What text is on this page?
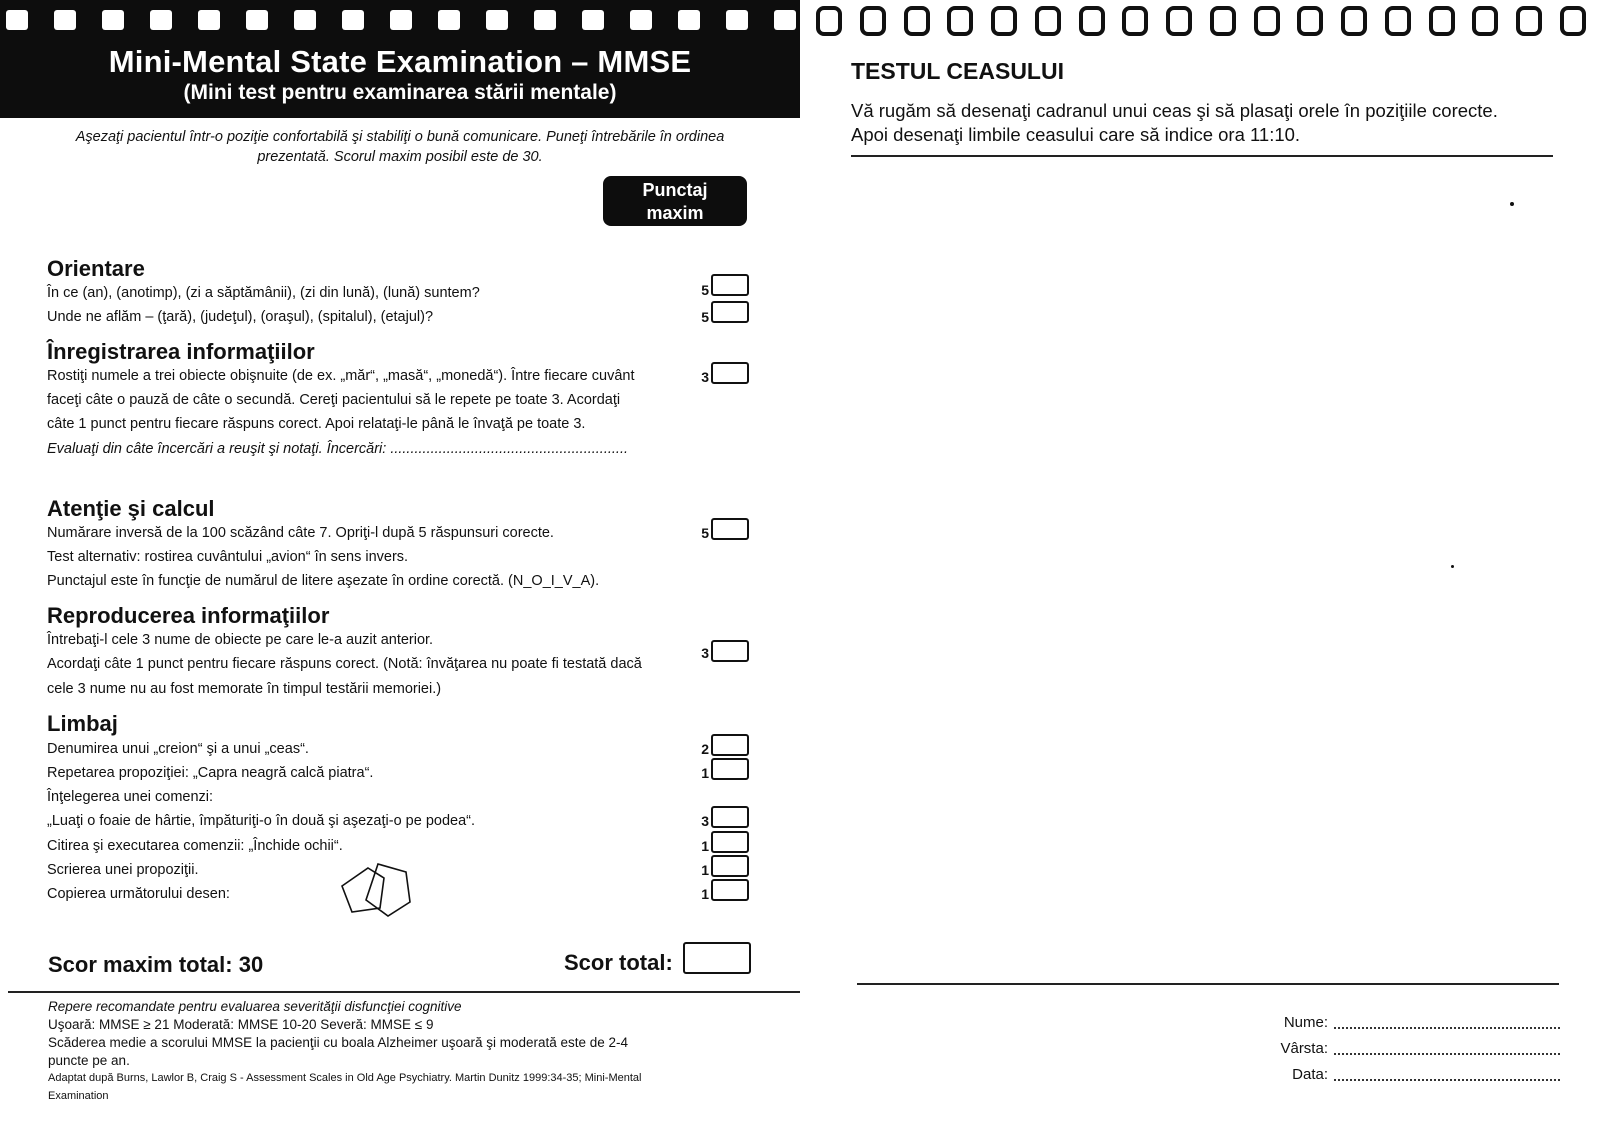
Mini-Mental State Examination – MMSE
(Mini test pentru examinarea stării mentale)
Aşezaţi pacientul într-o poziţie confortabilă şi stabiliţi o bună comunicare. Puneţi întrebările în ordinea
prezentată. Scorul maxim posibil este de 30.
Punctaj
maxim
Orientare
În ce (an), (anotimp), (zi a săptămânii), (zi din lună), (lună) suntem?
Unde ne aflăm – (ţară), (judeţul), (oraşul), (spitalul), (etajul)?
5
5
Înregistrarea informaţiilor
Rostiţi numele a trei obiecte obişnuite (de ex. „măr“, „masă“, „monedă“). Între fiecare cuvânt
faceţi câte o pauză de câte o secundă. Cereţi pacientului să le repete pe toate 3. Acordaţi
câte 1 punct pentru fiecare răspuns corect. Apoi relataţi-le până le învaţă pe toate 3.
Evaluaţi din câte încercări a reuşit şi notaţi. Încercări: ...........................................................
3
Atenţie şi calcul
Numărare inversă de la 100 scăzând câte 7. Opriţi-l după 5 răspunsuri corecte.
Test alternativ: rostirea cuvântului „avion“ în sens invers.
Punctajul este în funcţie de numărul de litere aşezate în ordine corectă. (N_O_I_V_A).
5
Reproducerea informaţiilor
Întrebaţi-l cele 3 nume de obiecte pe care le-a auzit anterior.
Acordaţi câte 1 punct pentru fiecare răspuns corect. (Notă: învăţarea nu poate fi testată dacă
cele 3 nume nu au fost memorate în timpul testării memoriei.)
3
Limbaj
Denumirea unui „creion“ şi a unui „ceas“.
Repetarea propoziţiei: „Capra neagră calcă piatra“.
Înţelegerea unei comenzi:
„Luaţi o foaie de hârtie, împăturiţi-o în două şi aşezaţi-o pe podea“.
Citirea şi executarea comenzii: „Închide ochii“.
Scrierea unei propoziţii.
Copierea următorului desen:
2
1
3
1
1
1
Scor maxim total: 30	Scor total:
Repere recomandate pentru evaluarea severităţii disfuncţiei cognitive
Uşoară: MMSE ≥ 21 Moderată: MMSE 10-20 Severă: MMSE ≤ 9
Scăderea medie a scorului MMSE la pacienţii cu boala Alzheimer uşoară şi moderată este de 2-4
puncte pe an.
Adaptat după Burns, Lawlor B, Craig S - Assessment Scales in Old Age Psychiatry. Martin Dunitz 1999:34-35; Mini-Mental
Examination
TESTUL CEASULUI
Vă rugăm să desenaţi cadranul unui ceas şi să plasaţi orele în poziţiile corecte.
Apoi desenaţi limbile ceasului care să indice ora 11:10.
Nume:
Vârsta:
Data:
